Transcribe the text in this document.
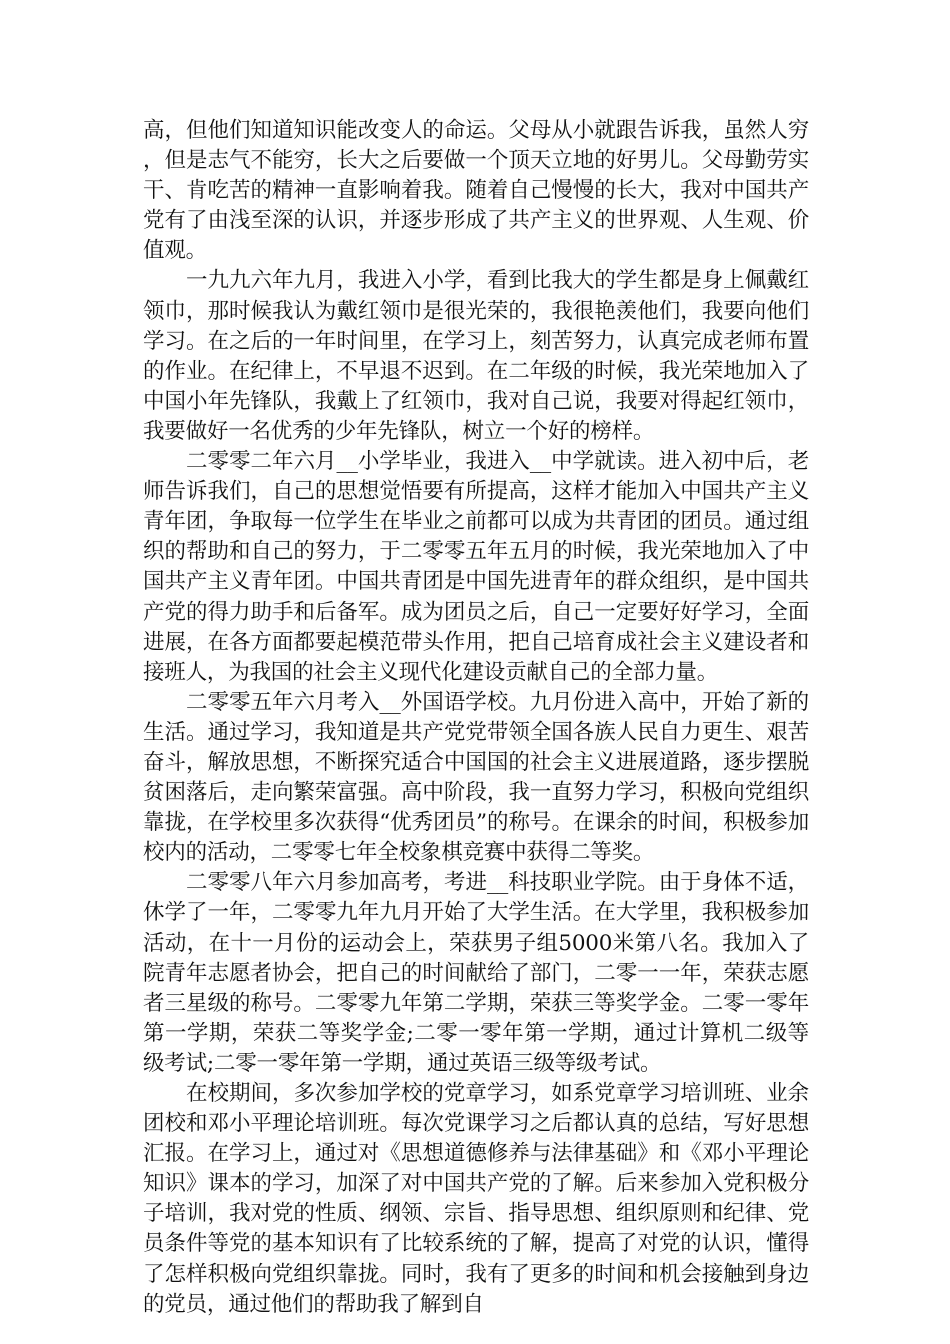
高，但他们知道知识能改变人的命运。父母从小就跟告诉我，虽然人穷，但是志气不能穷，长大之后要做一个顶天立地的好男儿。父母勤劳实干、肯吃苦的精神一直影响着我。随着自己慢慢的长大，我对中国共产党有了由浅至深的认识，并逐步形成了共产主义的世界观、人生观、价值观。

一九九六年九月，我进入小学，看到比我大的学生都是身上佩戴红领巾，那时候我认为戴红领巾是很光荣的，我很艳羡他们，我要向他们学习。在之后的一年时间里，在学习上，刻苦努力，认真完成老师布置的作业。在纪律上，不早退不迟到。在二年级的时候，我光荣地加入了中国小年先锋队，我戴上了红领巾，我对自己说，我要对得起红领巾，我要做好一名优秀的少年先锋队，树立一个好的榜样。

二零零二年六月__小学毕业，我进入__中学就读。进入初中后，老师告诉我们，自己的思想觉悟要有所提高，这样才能加入中国共产主义青年团，争取每一位学生在毕业之前都可以成为共青团的团员。通过组织的帮助和自己的努力，于二零零五年五月的时候，我光荣地加入了中国共产主义青年团。中国共青团是中国先进青年的群众组织，是中国共产党的得力助手和后备军。成为团员之后，自己一定要好好学习，全面进展，在各方面都要起模范带头作用，把自己培育成社会主义建设者和接班人，为我国的社会主义现代化建设贡献自己的全部力量。

二零零五年六月考入__外国语学校。九月份进入高中，开始了新的生活。通过学习，我知道是共产党党带领全国各族人民自力更生、艰苦奋斗，解放思想，不断探究适合中国国的社会主义进展道路，逐步摆脱贫困落后，走向繁荣富强。高中阶段，我一直努力学习，积极向党组织靠拢，在学校里多次获得“优秀团员”的称号。在课余的时间，积极参加校内的活动，二零零七年全校象棋竞赛中获得二等奖。

二零零八年六月参加高考，考进__科技职业学院。由于身体不适，休学了一年，二零零九年九月开始了大学生活。在大学里，我积极参加活动，在十一月份的运动会上，荣获男子组5000米第八名。我加入了院青年志愿者协会，把自己的时间献给了部门，二零一一年，荣获志愿者三星级的称号。二零零九年第二学期，荣获三等奖学金。二零一零年第一学期，荣获二等奖学金;二零一零年第一学期，通过计算机二级等级考试;二零一零年第一学期，通过英语三级等级考试。

在校期间，多次参加学校的党章学习，如系党章学习培训班、业余团校和邓小平理论培训班。每次党课学习之后都认真的总结，写好思想汇报。在学习上，通过对《思想道德修养与法律基础》和《邓小平理论知识》课本的学习，加深了对中国共产党的了解。后来参加入党积极分子培训，我对党的性质、纲领、宗旨、指导思想、组织原则和纪律、党员条件等党的基本知识有了比较系统的了解，提高了对党的认识，懂得了怎样积极向党组织靠拢。同时，我有了更多的时间和机会接触到身边的党员，通过他们的帮助我了解到自
